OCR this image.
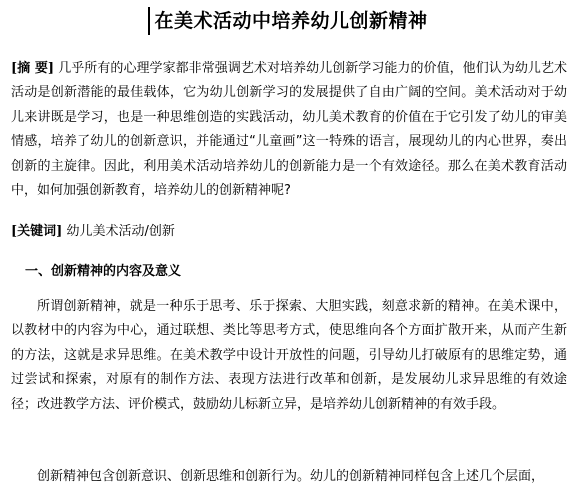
在美术活动中培养幼儿创新精神

[摘 要] 几乎所有的心理学家都非常强调艺术对培养幼儿创新学习能力的价值，他们认为幼儿艺术活动是创新潜能的最佳载体，它为幼儿创新学习的发展提供了自由广阔的空间。美术活动对于幼儿来讲既是学习，也是一种思维创造的实践活动，幼儿美术教育的价值在于它引发了幼儿的审美情感，培养了幼儿的创新意识，并能通过“儿童画”这一特殊的语言，展现幼儿的内心世界，奏出创新的主旋律。因此，利用美术活动培养幼儿的创新能力是一个有效途径。那么在美术教育活动中，如何加强创新教育，培养幼儿的创新精神呢?

[关键词] 幼儿美术活动/创新

一、创新精神的内容及意义

所谓创新精神，就是一种乐于思考、乐于探索、大胆实践，刻意求新的精神。在美术课中，以教材中的内容为中心，通过联想、类比等思考方式，使思维向各个方面扩散开来，从而产生新的方法，这就是求异思维。在美术教学中设计开放性的问题，引导幼儿打破原有的思维定势，通过尝试和探索，对原有的制作方法、表现方法进行改革和创新，是发展幼儿求异思维的有效途径；改进教学方法、评价模式，鼓励幼儿标新立异，是培养幼儿创新精神的有效手段。

创新精神包含创新意识、创新思维和创新行为。幼儿的创新精神同样包含上述几个层面，
